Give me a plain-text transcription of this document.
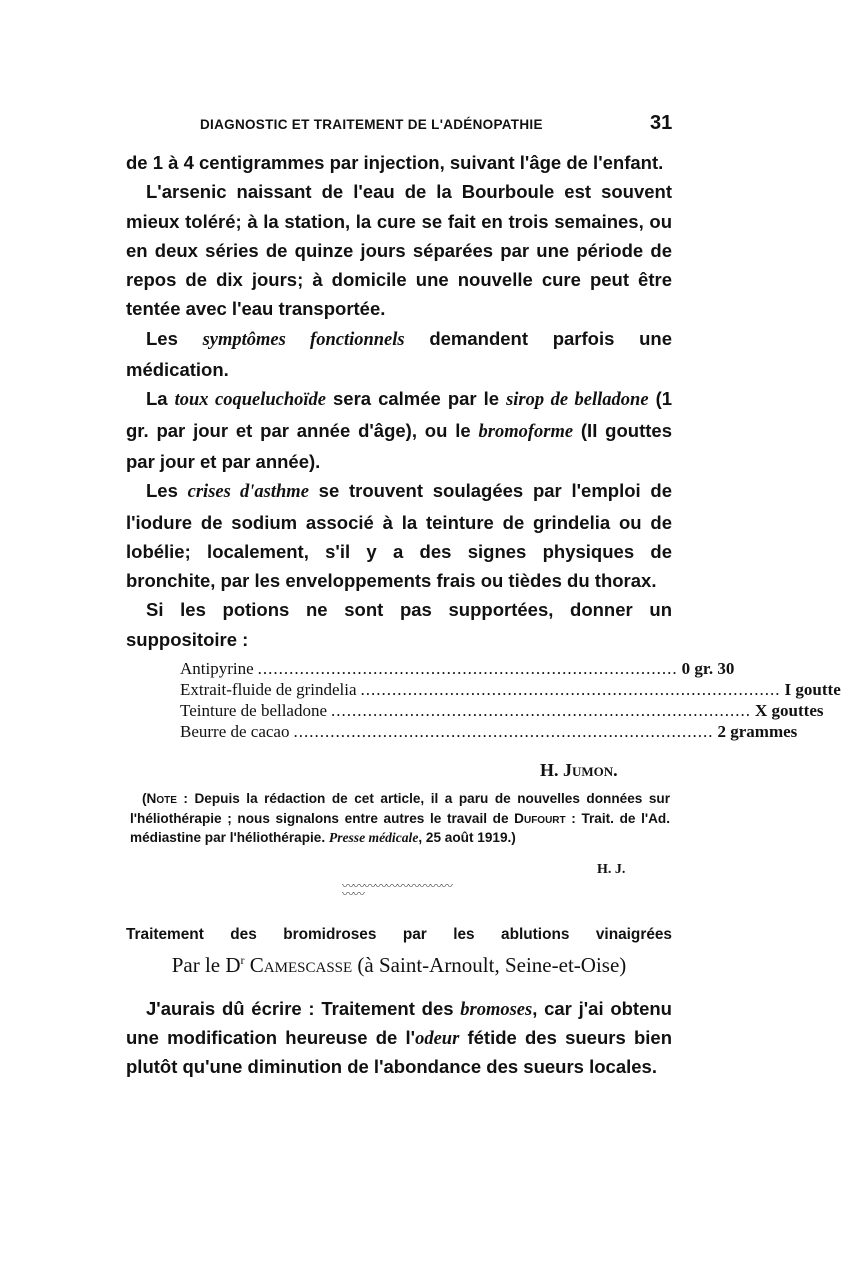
DIAGNOSTIC ET TRAITEMENT DE L'ADÉNOPATHIE	31

de 1 à 4 centigrammes par injection, suivant l'âge de l'enfant.

L'arsenic naissant de l'eau de la Bourboule est souvent mieux toléré; à la station, la cure se fait en trois semaines, ou en deux séries de quinze jours séparées par une période de repos de dix jours; à domicile une nouvelle cure peut être tentée avec l'eau transportée.

Les symptômes fonctionnels demandent parfois une médication.

La toux coqueluchoïde sera calmée par le sirop de belladone (1 gr. par jour et par année d'âge), ou le bromoforme (II gouttes par jour et par année).

Les crises d'asthme se trouvent soulagées par l'emploi de l'iodure de sodium associé à la teinture de grindelia ou de lobélie; localement, s'il y a des signes physiques de bronchite, par les enveloppements frais ou tièdes du thorax.

Si les potions ne sont pas supportées, donner un suppositoire :

Antipyrine .....	0 gr. 30
Extrait-fluide de grindelia .....	I goutte
Teinture de belladone .....	X gouttes
Beurre de cacao .....	2 grammes
H. Jumon.
(Note : Depuis la rédaction de cet article, il a paru de nouvelles données sur l'héliothérapie ; nous signalons entre autres le travail de Dufourt : Trait. de l'Ad. médiastine par l'héliothérapie. Presse médicale, 25 août 1919.)
H. J.
〰〰〰〰〰〰〰〰〰〰〰〰
Traitement des bromidroses par les ablutions vinaigrées
Par le $D^r$ Camescasse (à Saint-Arnoult, Seine-et-Oise)
J'aurais dû écrire : Traitement des bromoses, car j'ai obtenu une modification heureuse de l'odeur fétide des sueurs bien plutôt qu'une diminution de l'abondance des sueurs locales.
